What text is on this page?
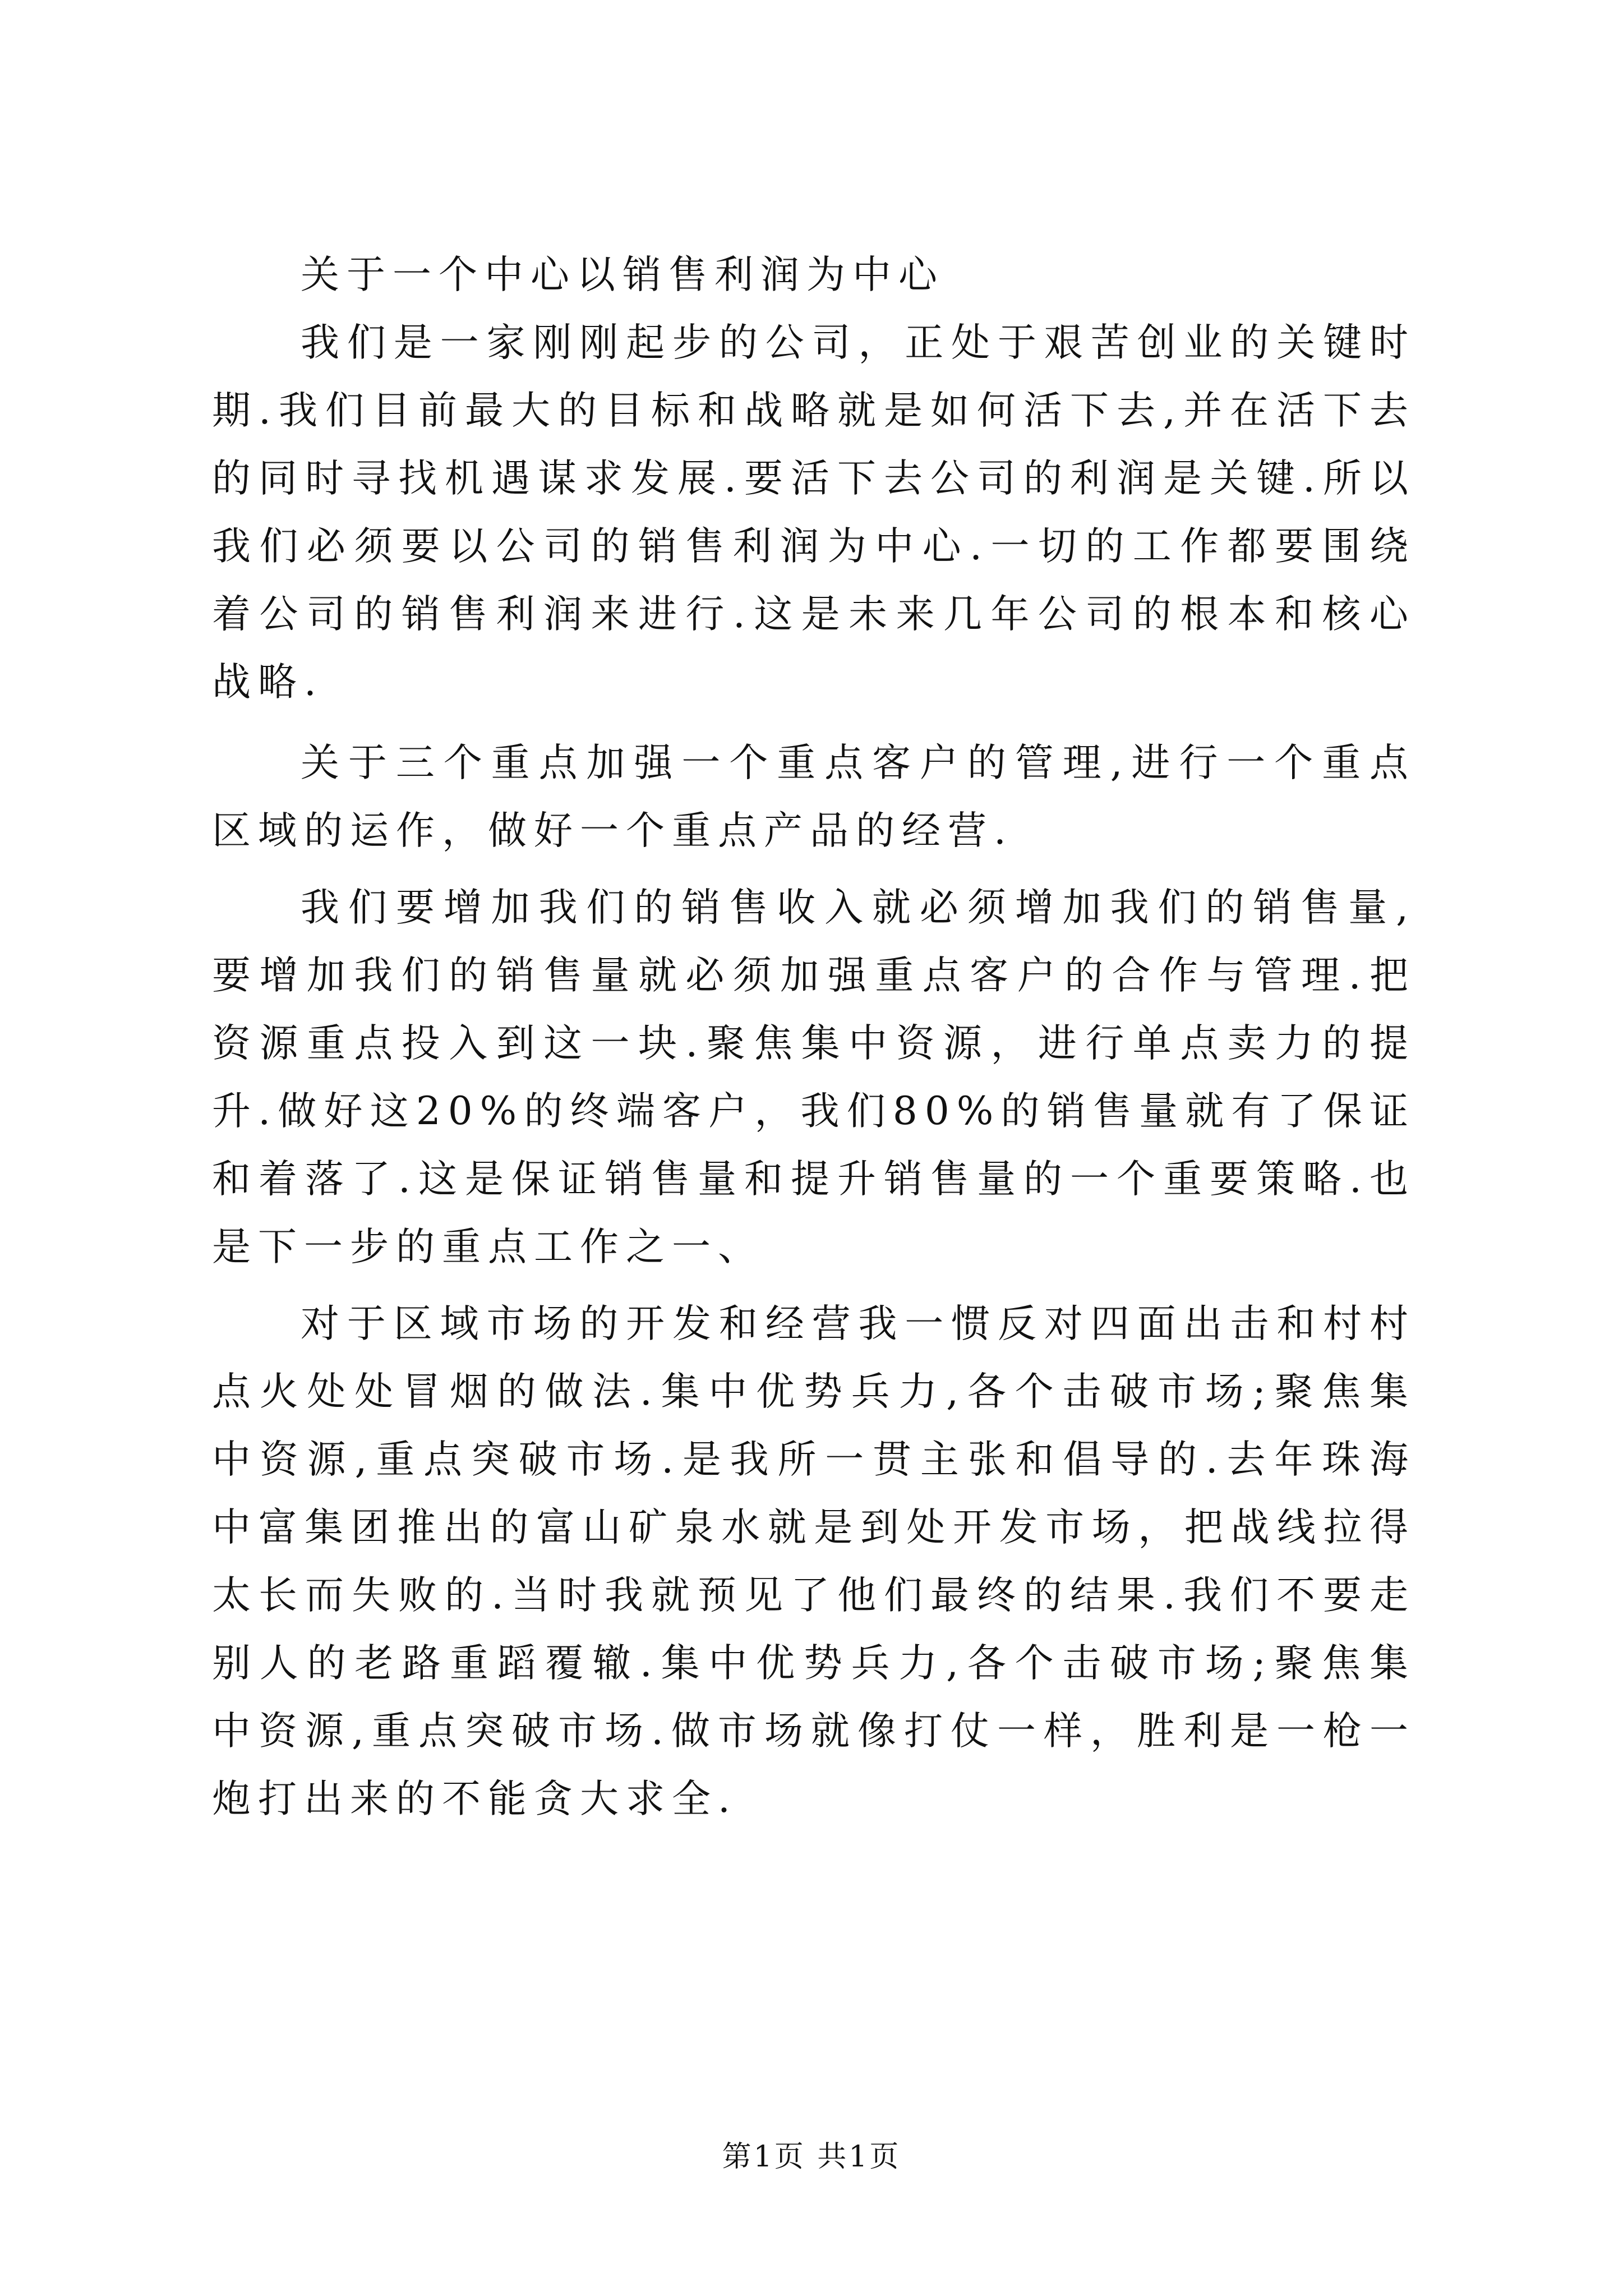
关于一个中心以销售利润为中心

我们是一家刚刚起步的公司，正处于艰苦创业的关键时期.我们目前最大的目标和战略就是如何活下去,并在活下去的同时寻找机遇谋求发展.要活下去公司的利润是关键.所以我们必须要以公司的销售利润为中心.一切的工作都要围绕着公司的销售利润来进行.这是未来几年公司的根本和核心战略.

关于三个重点加强一个重点客户的管理,进行一个重点区域的运作，做好一个重点产品的经营.

我们要增加我们的销售收入就必须增加我们的销售量,要增加我们的销售量就必须加强重点客户的合作与管理.把资源重点投入到这一块.聚焦集中资源，进行单点卖力的提升.做好这20%的终端客户，我们80%的销售量就有了保证和着落了.这是保证销售量和提升销售量的一个重要策略.也是下一步的重点工作之一、

对于区域市场的开发和经营我一惯反对四面出击和村村点火处处冒烟的做法.集中优势兵力,各个击破市场;聚焦集中资源,重点突破市场.是我所一贯主张和倡导的.去年珠海中富集团推出的富山矿泉水就是到处开发市场，把战线拉得太长而失败的.当时我就预见了他们最终的结果.我们不要走别人的老路重蹈覆辙.集中优势兵力,各个击破市场;聚焦集中资源,重点突破市场.做市场就像打仗一样，胜利是一枪一炮打出来的不能贪大求全.

第1页 共1页
